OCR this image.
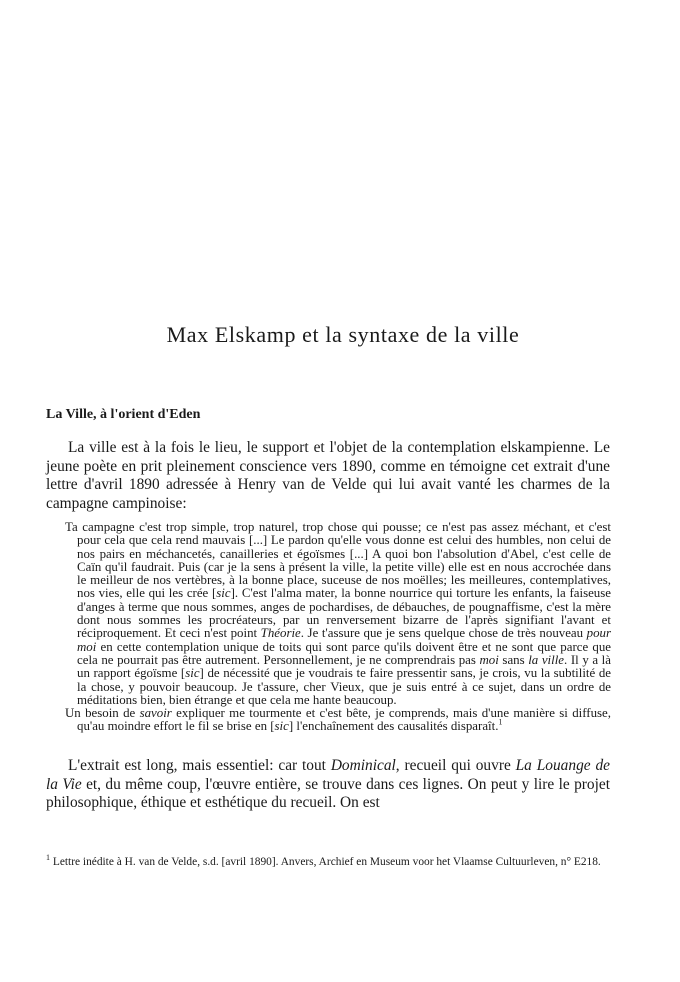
Max Elskamp et la syntaxe de la ville
La Ville, à l'orient d'Eden

La ville est à la fois le lieu, le support et l'objet de la contemplation elskampienne. Le jeune poète en prit pleinement conscience vers 1890, comme en témoigne cet extrait d'une lettre d'avril 1890 adressée à Henry van de Velde qui lui avait vanté les charmes de la campagne campinoise:

Ta campagne c'est trop simple, trop naturel, trop chose qui pousse; ce n'est pas assez méchant, et c'est pour cela que cela rend mauvais [...] Le pardon qu'elle vous donne est celui des humbles, non celui de nos pairs en méchancetés, canailleries et égoïsmes [...] A quoi bon l'absolution d'Abel, c'est celle de Caïn qu'il faudrait. Puis (car je la sens à présent la ville, la petite ville) elle est en nous accrochée dans le meilleur de nos vertèbres, à la bonne place, suceuse de nos moëlles; les meilleures, contemplatives, nos vies, elle qui les crée [sic]. C'est l'alma mater, la bonne nourrice qui torture les enfants, la faiseuse d'anges à terme que nous sommes, anges de pochardises, de débauches, de pougnaffisme, c'est la mère dont nous sommes les procréateurs, par un renversement bizarre de l'après signifiant l'avant et réciproquement. Et ceci n'est point Théorie. Je t'assure que je sens quelque chose de très nouveau pour moi en cette contemplation unique de toits qui sont parce qu'ils doivent être et ne sont que parce que cela ne pourrait pas être autrement. Personnellement, je ne comprendrais pas moi sans la ville. Il y a là un rapport égoïsme [sic] de nécessité que je voudrais te faire pressentir sans, je crois, vu la subtilité de la chose, y pouvoir beaucoup. Je t'assure, cher Vieux, que je suis entré à ce sujet, dans un ordre de méditations bien, bien étrange et que cela me hante beaucoup.

Un besoin de savoir expliquer me tourmente et c'est bête, je comprends, mais d'une manière si diffuse, qu'au moindre effort le fil se brise en [sic] l'enchaînement des causalités disparaît.$^1$

L'extrait est long, mais essentiel: car tout Dominical, recueil qui ouvre La Louange de la Vie et, du même coup, l'œuvre entière, se trouve dans ces lignes. On peut y lire le projet philosophique, éthique et esthétique du recueil. On est

$^1$ Lettre inédite à H. van de Velde, s.d. [avril 1890]. Anvers, Archief en Museum voor het Vlaamse Cultuurleven, n° E218.
